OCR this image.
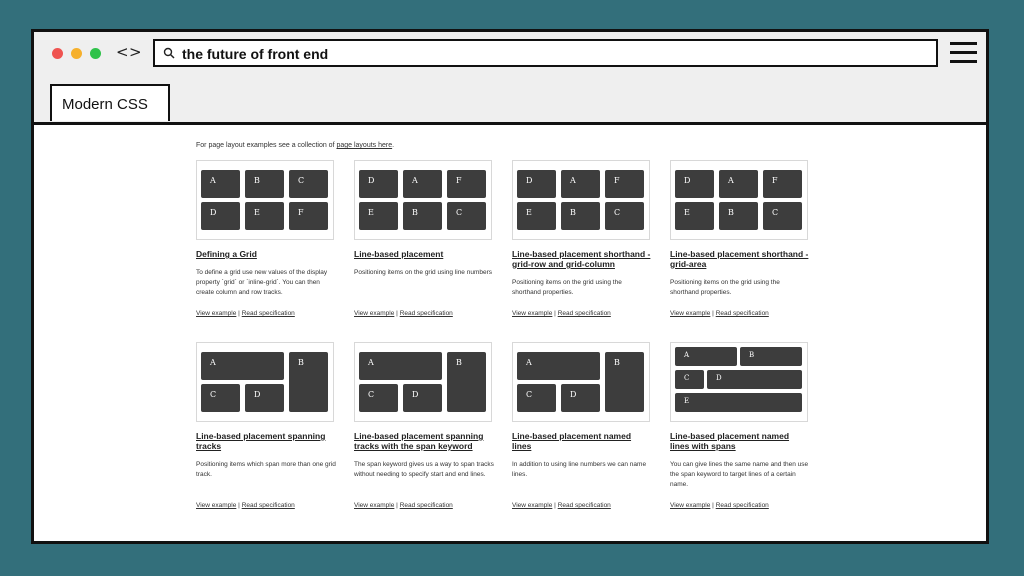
< >	the future of front end
Modern CSS
For page layout examples see a collection of page layouts here.
A	B	C
D	E	F
Defining a Grid
To define a grid use new values of the display property `grid` or `inline-grid`. You can then create column and row tracks.
View example | Read specification
D	A	F
E	B	C
Line-based placement
Positioning items on the grid using line numbers
View example | Read specification
D	A	F
E	B	C
Line-based placement shorthand - grid-row and grid-column
Positioning items on the grid using the shorthand properties.
View example | Read specification
D	A	F
E	B	C
Line-based placement shorthand - grid-area
Positioning items on the grid using the shorthand properties.
View example | Read specification
A	B
C	D
Line-based placement spanning tracks
Positioning items which span more than one grid track.
View example | Read specification
A	B
C	D
Line-based placement spanning tracks with the span keyword
The span keyword gives us a way to span tracks without needing to specify start and end lines.
View example | Read specification
A	B
C	D
Line-based placement named lines
In addition to using line numbers we can name lines.
View example | Read specification
A	B
C	D
E
Line-based placement named lines with spans
You can give lines the same name and then use the span keyword to target lines of a certain name.
View example | Read specification
